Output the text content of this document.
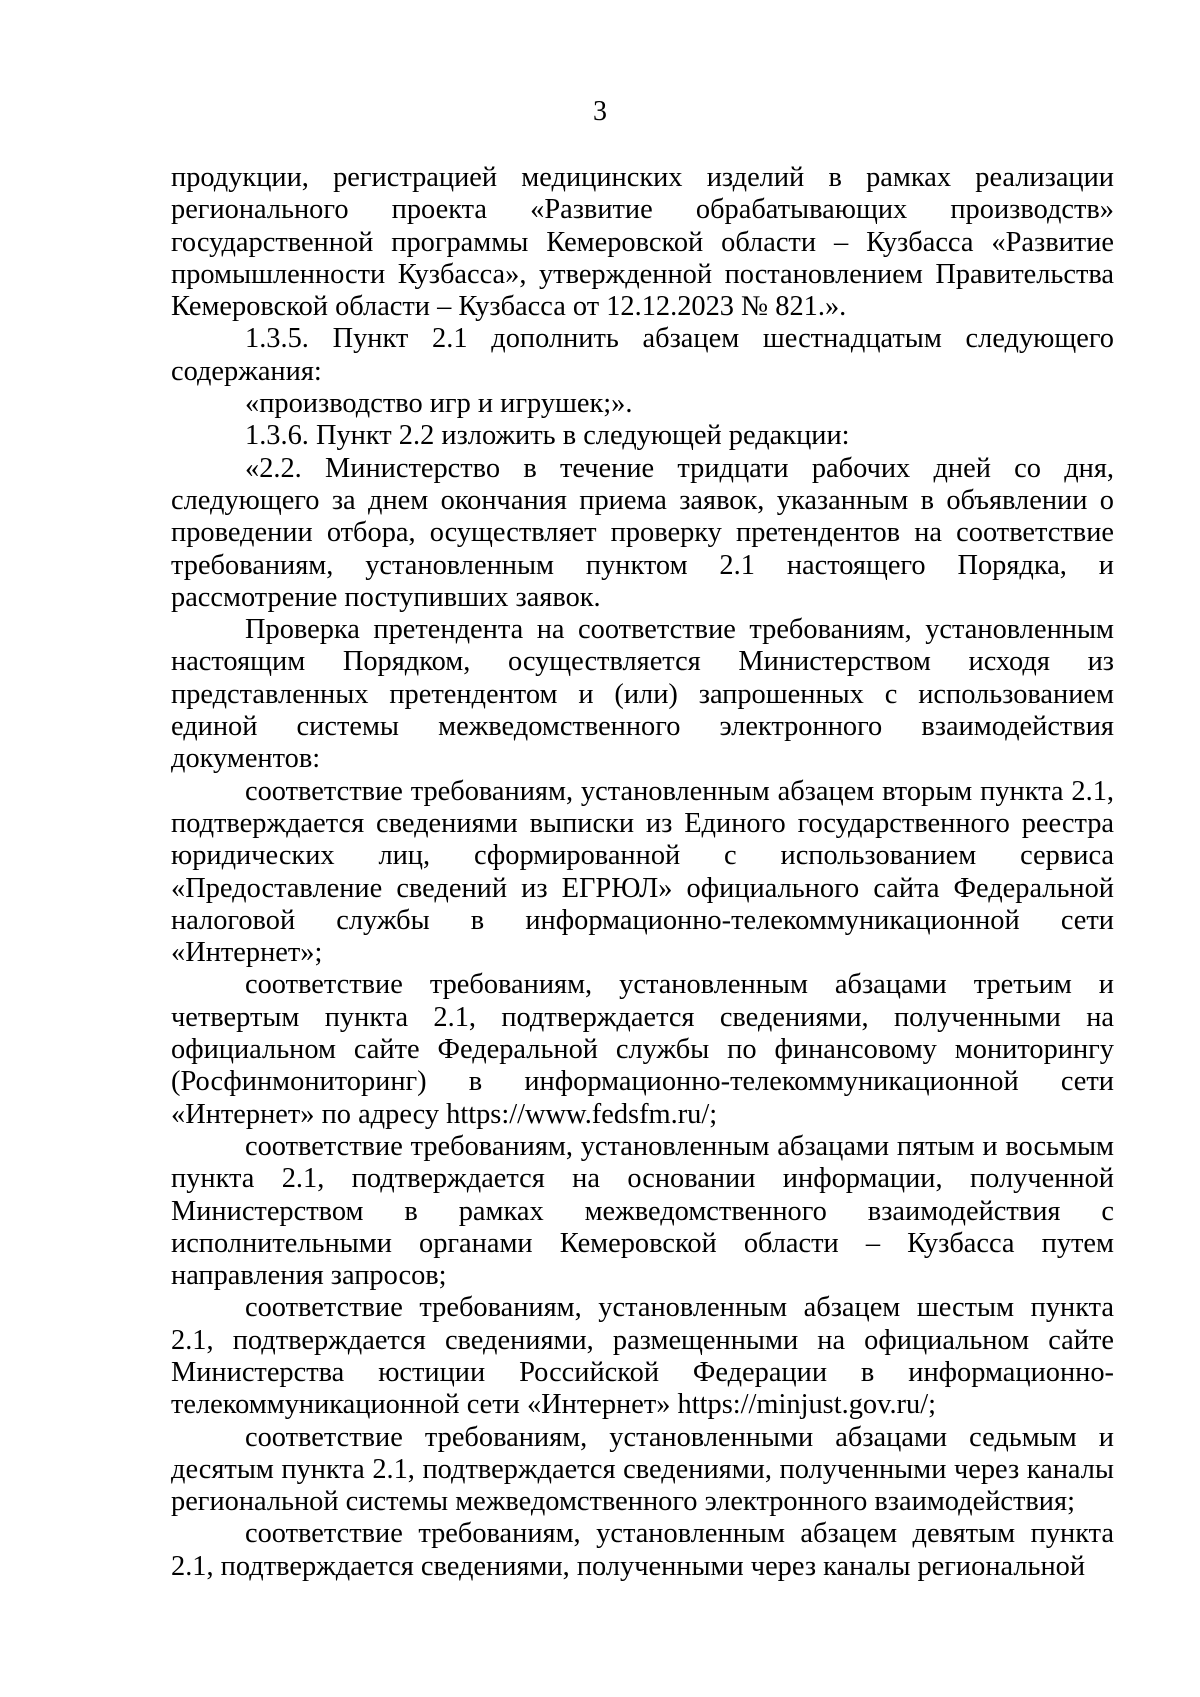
3

продукции, регистрацией медицинских изделий в рамках реализации регионального проекта «Развитие обрабатывающих производств» государственной программы Кемеровской области – Кузбасса «Развитие промышленности Кузбасса», утвержденной постановлением Правительства Кемеровской области – Кузбасса от 12.12.2023 № 821.».

1.3.5. Пункт 2.1 дополнить абзацем шестнадцатым следующего содержания:

«производство игр и игрушек;».

1.3.6. Пункт 2.2 изложить в следующей редакции:

«2.2. Министерство в течение тридцати рабочих дней со дня, следующего за днем окончания приема заявок, указанным в объявлении о проведении отбора, осуществляет проверку претендентов на соответствие требованиям, установленным пунктом 2.1 настоящего Порядка, и рассмотрение поступивших заявок.

Проверка претендента на соответствие требованиям, установленным настоящим Порядком, осуществляется Министерством исходя из представленных претендентом и (или) запрошенных с использованием единой системы межведомственного электронного взаимодействия документов:

соответствие требованиям, установленным абзацем вторым пункта 2.1, подтверждается сведениями выписки из Единого государственного реестра юридических лиц, сформированной с использованием сервиса «Предоставление сведений из ЕГРЮЛ» официального сайта Федеральной налоговой службы в информационно-телекоммуникационной сети «Интернет»;

соответствие требованиям, установленным абзацами третьим и четвертым пункта 2.1, подтверждается сведениями, полученными на официальном сайте Федеральной службы по финансовому мониторингу (Росфинмониторинг) в информационно-телекоммуникационной сети «Интернет» по адресу https://www.fedsfm.ru/;

соответствие требованиям, установленным абзацами пятым и восьмым пункта 2.1, подтверждается на основании информации, полученной Министерством в рамках межведомственного взаимодействия с исполнительными органами Кемеровской области – Кузбасса путем направления запросов;

соответствие требованиям, установленным абзацем шестым пункта 2.1, подтверждается сведениями, размещенными на официальном сайте Министерства юстиции Российской Федерации в информационно-телекоммуникационной сети «Интернет» https://minjust.gov.ru/;

соответствие требованиям, установленными абзацами седьмым и десятым пункта 2.1, подтверждается сведениями, полученными через каналы региональной системы межведомственного электронного взаимодействия;

соответствие требованиям, установленным абзацем девятым пункта 2.1, подтверждается сведениями, полученными через каналы региональной
